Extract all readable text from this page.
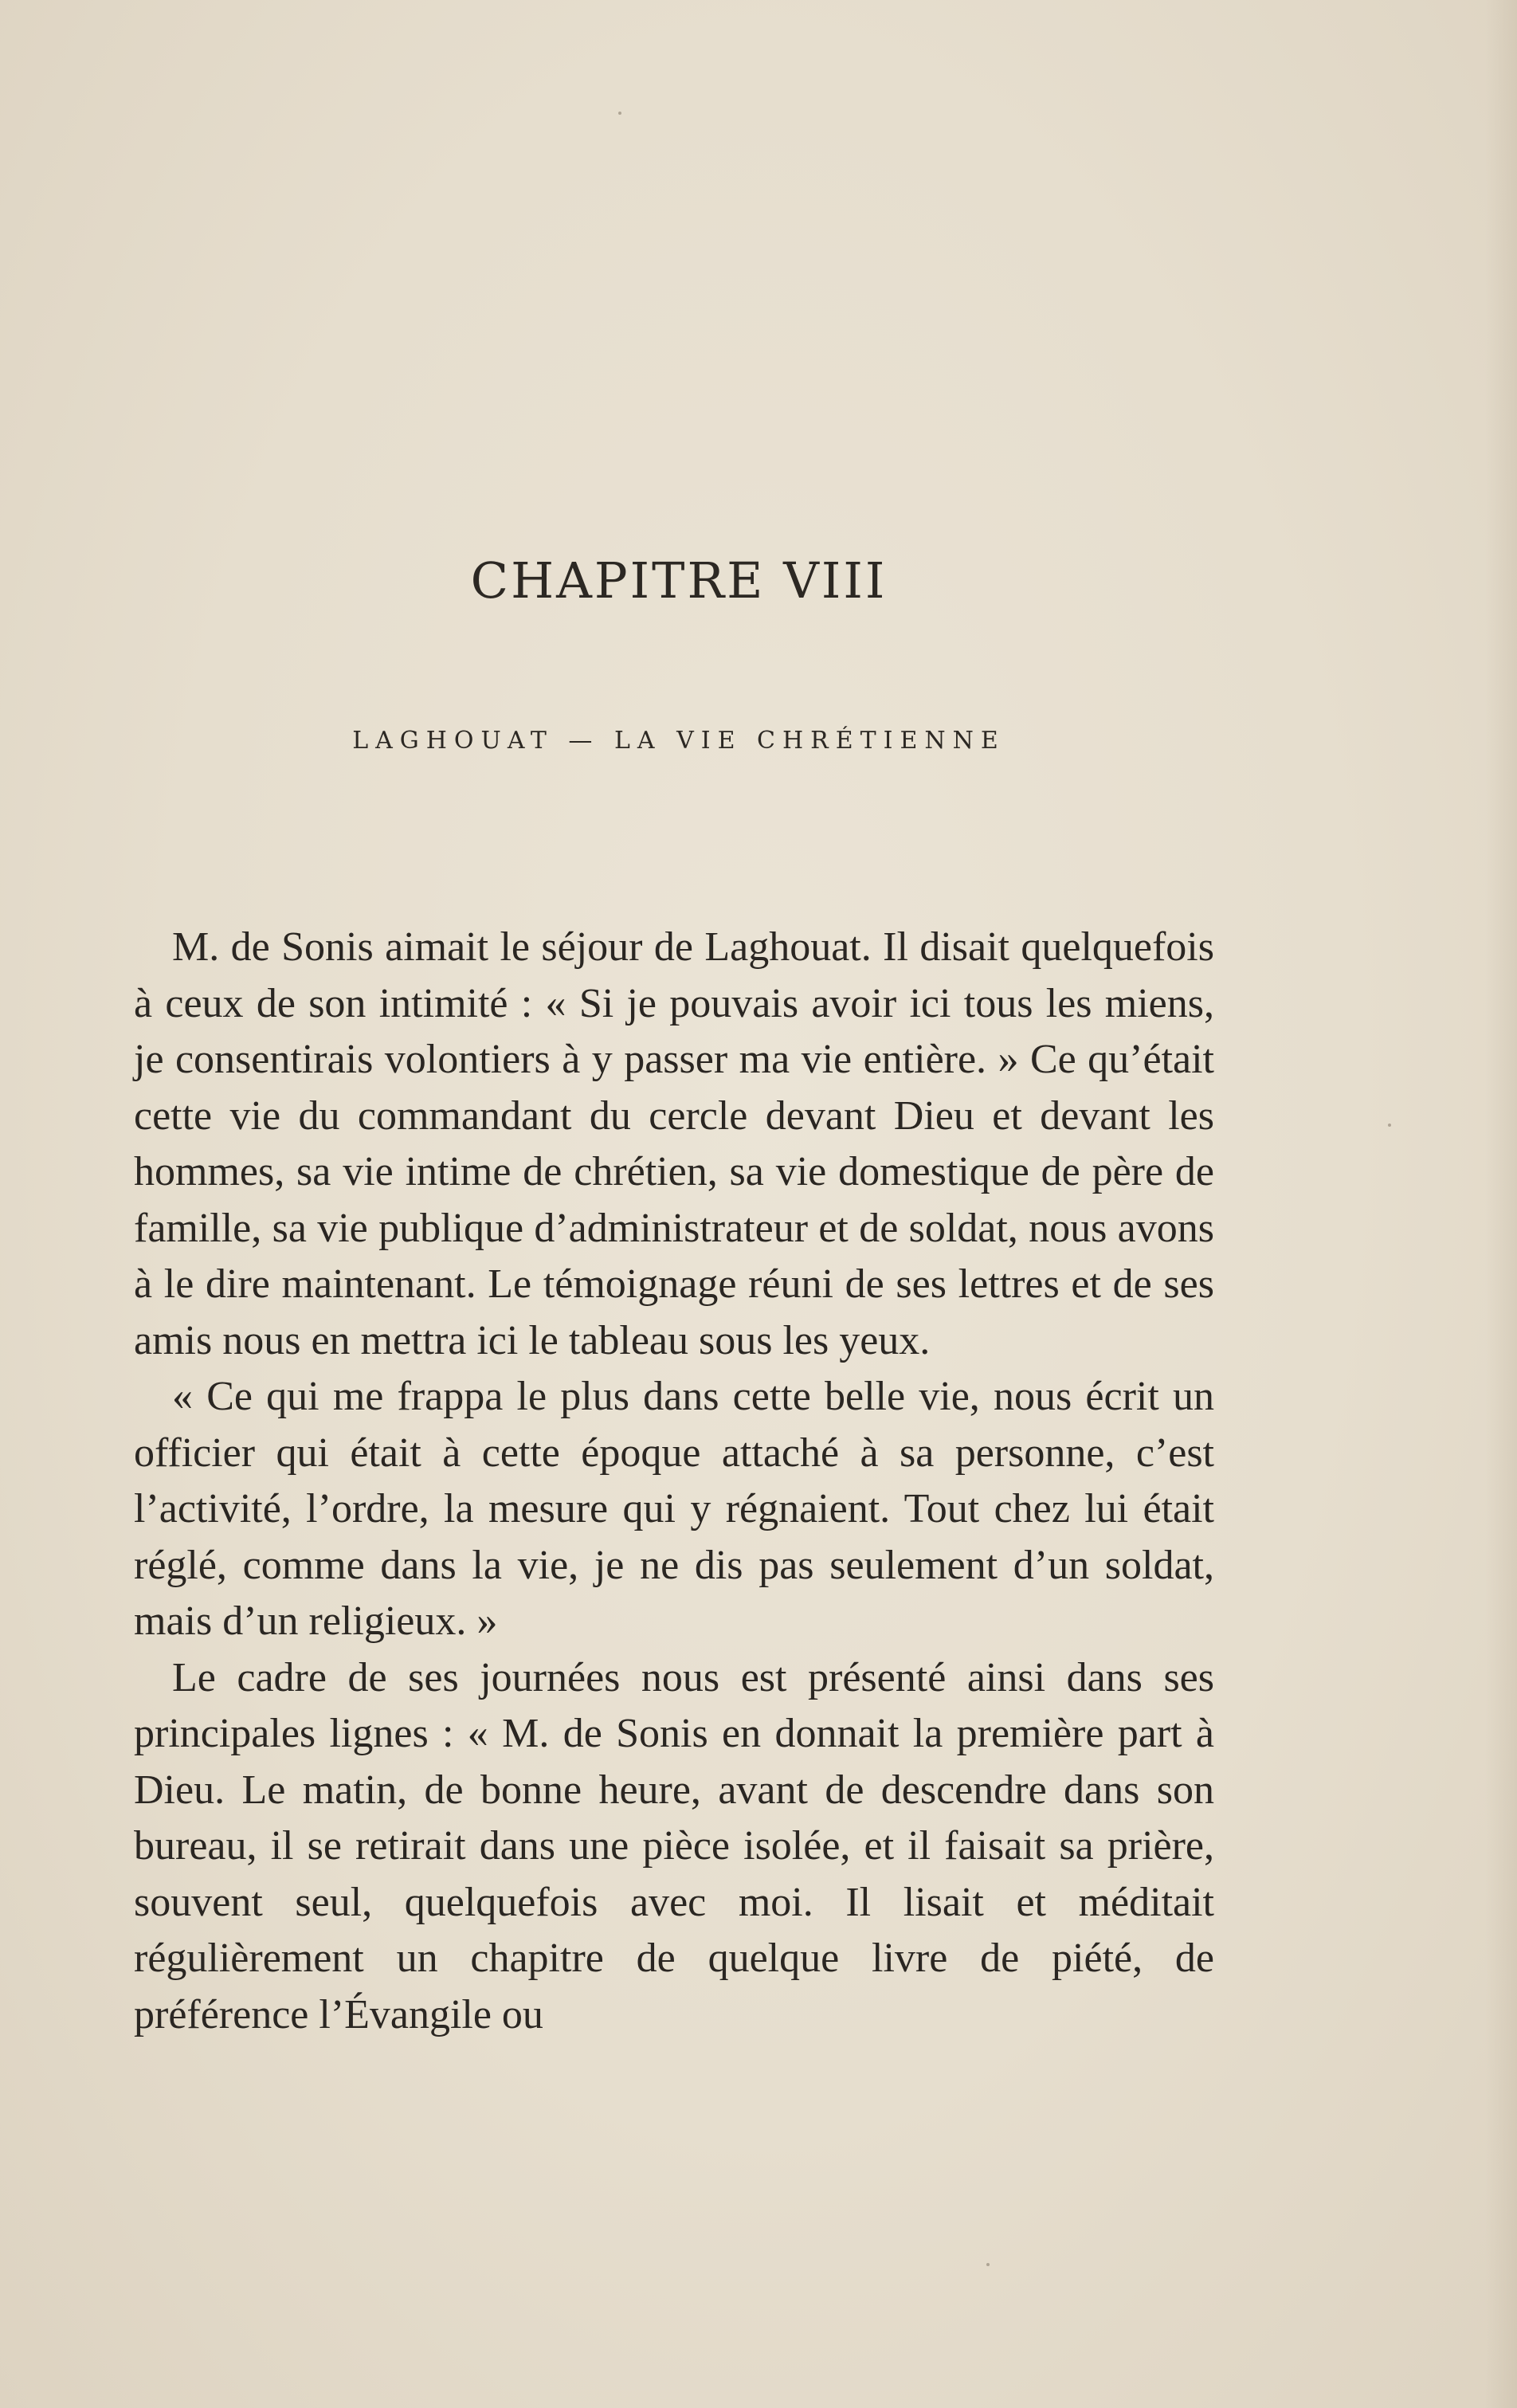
CHAPITRE VIII
LAGHOUAT — LA VIE CHRÉTIENNE

M. de Sonis aimait le séjour de Laghouat. Il disait quelquefois à ceux de son intimité : « Si je pouvais avoir ici tous les miens, je consentirais volontiers à y passer ma vie entière. » Ce qu’était cette vie du commandant du cercle devant Dieu et devant les hommes, sa vie intime de chrétien, sa vie domestique de père de famille, sa vie publique d’administrateur et de soldat, nous avons à le dire maintenant. Le témoignage réuni de ses lettres et de ses amis nous en mettra ici le tableau sous les yeux.

« Ce qui me frappa le plus dans cette belle vie, nous écrit un officier qui était à cette époque attaché à sa personne, c’est l’activité, l’ordre, la mesure qui y régnaient. Tout chez lui était réglé, comme dans la vie, je ne dis pas seulement d’un soldat, mais d’un religieux. »

Le cadre de ses journées nous est présenté ainsi dans ses principales lignes : « M. de Sonis en donnait la première part à Dieu. Le matin, de bonne heure, avant de descendre dans son bureau, il se retirait dans une pièce isolée, et il faisait sa prière, souvent seul, quelquefois avec moi. Il lisait et méditait régulièrement un chapitre de quelque livre de piété, de préférence l’Évangile ou
